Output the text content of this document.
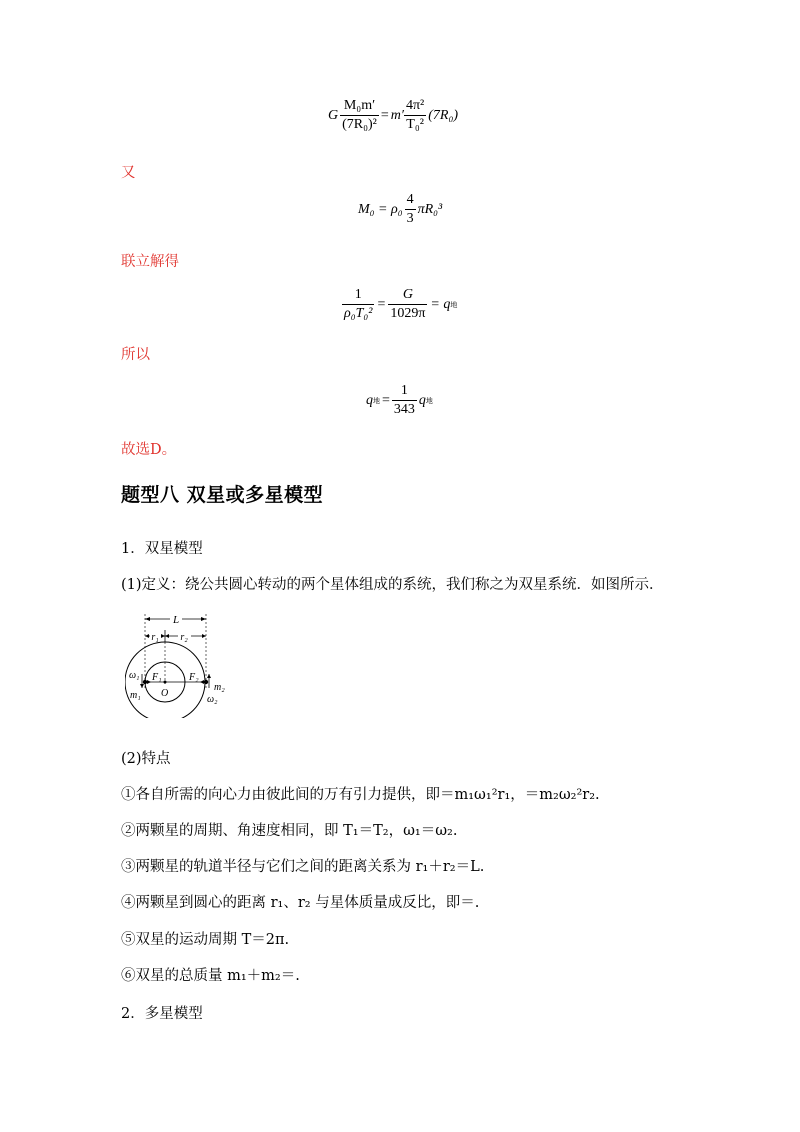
G $\frac{\text{M₀m′}}{\text{(7R₀)²}} = m' \frac{\text{4π²}}{\text{T₀²}} (7R_0)$
又
$M_0 = \rho_0 \frac{4}{3} \pi R_0^3$
联立解得
$\frac{1}{\text{ρ₀T₀²}} = \frac{G}{1029\pi} = q$ 地
所以
q 地 = $\frac{1}{343}$ q 地
故选D。
题型八 双星或多星模型
1．双星模型
(1)定义：绕公共圆心转动的两个星体组成的系统，我们称之为双星系统．如图所示．
L
r₁ r₂
ω₁ F₁	F₂
m₁ O
m₂
ω₂
(2)特点
①各自所需的向心力由彼此间的万有引力提供，即＝m₁ω₁²r₁，＝m₂ω₂²r₂.
②两颗星的周期、角速度相同，即 T₁＝T₂，ω₁＝ω₂.
③两颗星的轨道半径与它们之间的距离关系为 r₁＋r₂＝L.
④两颗星到圆心的距离 r₁、r₂ 与星体质量成反比，即＝.
⑤双星的运动周期 T＝2π.
⑥双星的总质量 m₁＋m₂＝.
2．多星模型
